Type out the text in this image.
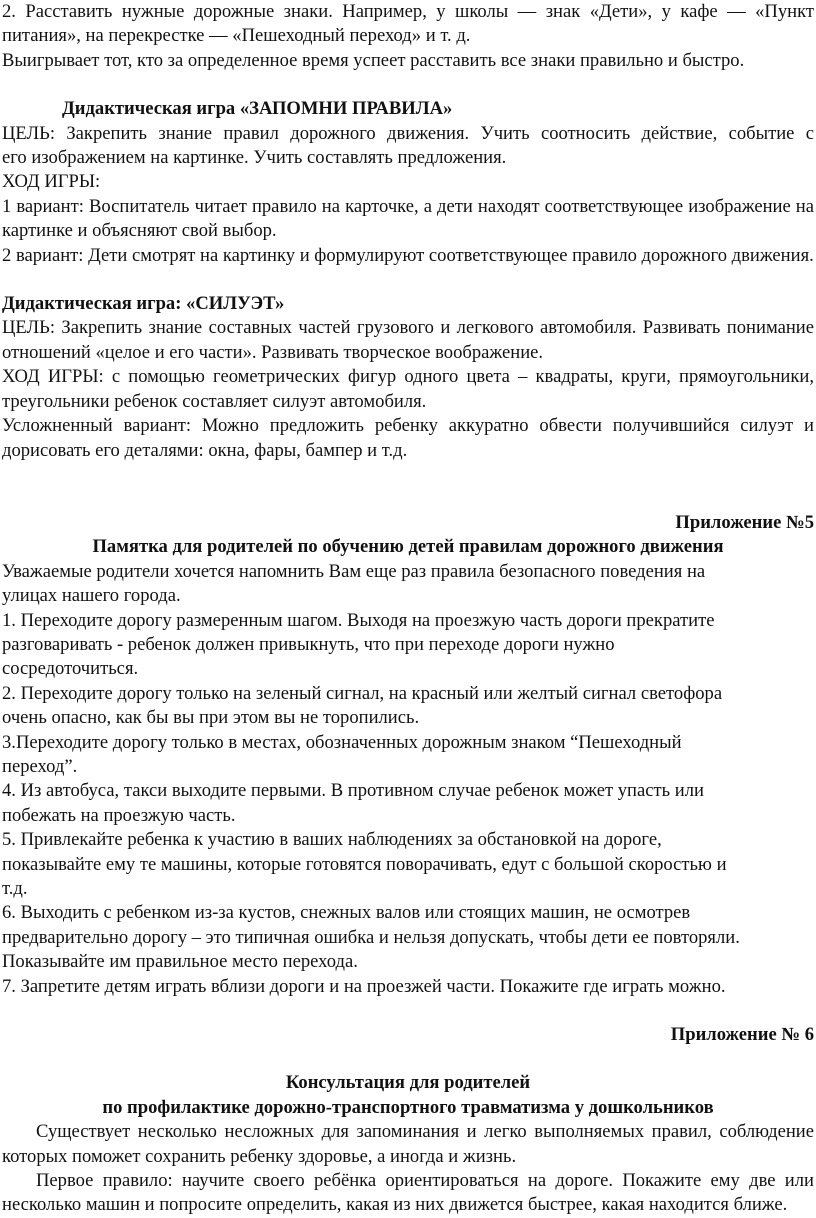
2. Расставить нужные дорожные знаки. Например, у школы — знак «Дети», у кафе — «Пункт

питания», на перекрестке — «Пешеходный переход» и т. д.

Выигрывает тот, кто за определенное время успеет расставить все знаки правильно и быстро.

Дидактическая игра «ЗАПОМНИ ПРАВИЛА»

ЦЕЛЬ: Закрепить знание правил дорожного движения. Учить соотносить действие, событие с

его изображением на картинке. Учить составлять предложения.

ХОД ИГРЫ:

1 вариант: Воспитатель читает правило на карточке, а дети находят соответствующее изображение на картинке и объясняют свой выбор.

2 вариант: Дети смотрят на картинку и формулируют соответствующее правило дорожного движения.

Дидактическая игра: «СИЛУЭТ»

ЦЕЛЬ: Закрепить знание составных частей грузового и легкового автомобиля. Развивать понимание отношений «целое и его части». Развивать творческое воображение.

ХОД ИГРЫ: с помощью геометрических фигур одного цвета – квадраты, круги, прямоугольники, треугольники ребенок составляет силуэт автомобиля.

Усложненный вариант: Можно предложить ребенку аккуратно обвести получившийся силуэт и дорисовать его деталями: окна, фары, бампер и т.д.

Приложение №5

Памятка для родителей по обучению детей правилам дорожного движения

Уважаемые родители хочется напомнить Вам еще раз правила безопасного поведения на

улицах нашего города.

1. Переходите дорогу размеренным шагом. Выходя на проезжую часть дороги прекратите

разговаривать - ребенок должен привыкнуть, что при переходе дороги нужно

сосредоточиться.

2. Переходите дорогу только на зеленый сигнал, на красный или желтый сигнал светофора

очень опасно, как бы вы при этом вы не торопились.

3.Переходите дорогу только в местах, обозначенных дорожным знаком “Пешеходный

переход”.

4. Из автобуса, такси выходите первыми. В противном случае ребенок может упасть или

побежать на проезжую часть.

5. Привлекайте ребенка к участию в ваших наблюдениях за обстановкой на дороге,

показывайте ему те машины, которые готовятся поворачивать, едут с большой скоростью и

т.д.

6. Выходить с ребенком из-за кустов, снежных валов или стоящих машин, не осмотрев

предварительно дорогу – это типичная ошибка и нельзя допускать, чтобы дети ее повторяли.

Показывайте им правильное место перехода.

7. Запретите детям играть вблизи дороги и на проезжей части. Покажите где играть можно.

Приложение № 6

Консультация для родителей

по профилактике дорожно-транспортного травматизма у дошкольников

Существует несколько несложных для запоминания и легко выполняемых правил, соблюдение которых поможет сохранить ребенку здоровье, а иногда и жизнь.

Первое правило: научите своего ребёнка ориентироваться на дороге. Покажите ему две или несколько машин и попросите определить, какая из них движется быстрее, какая находится ближе.
